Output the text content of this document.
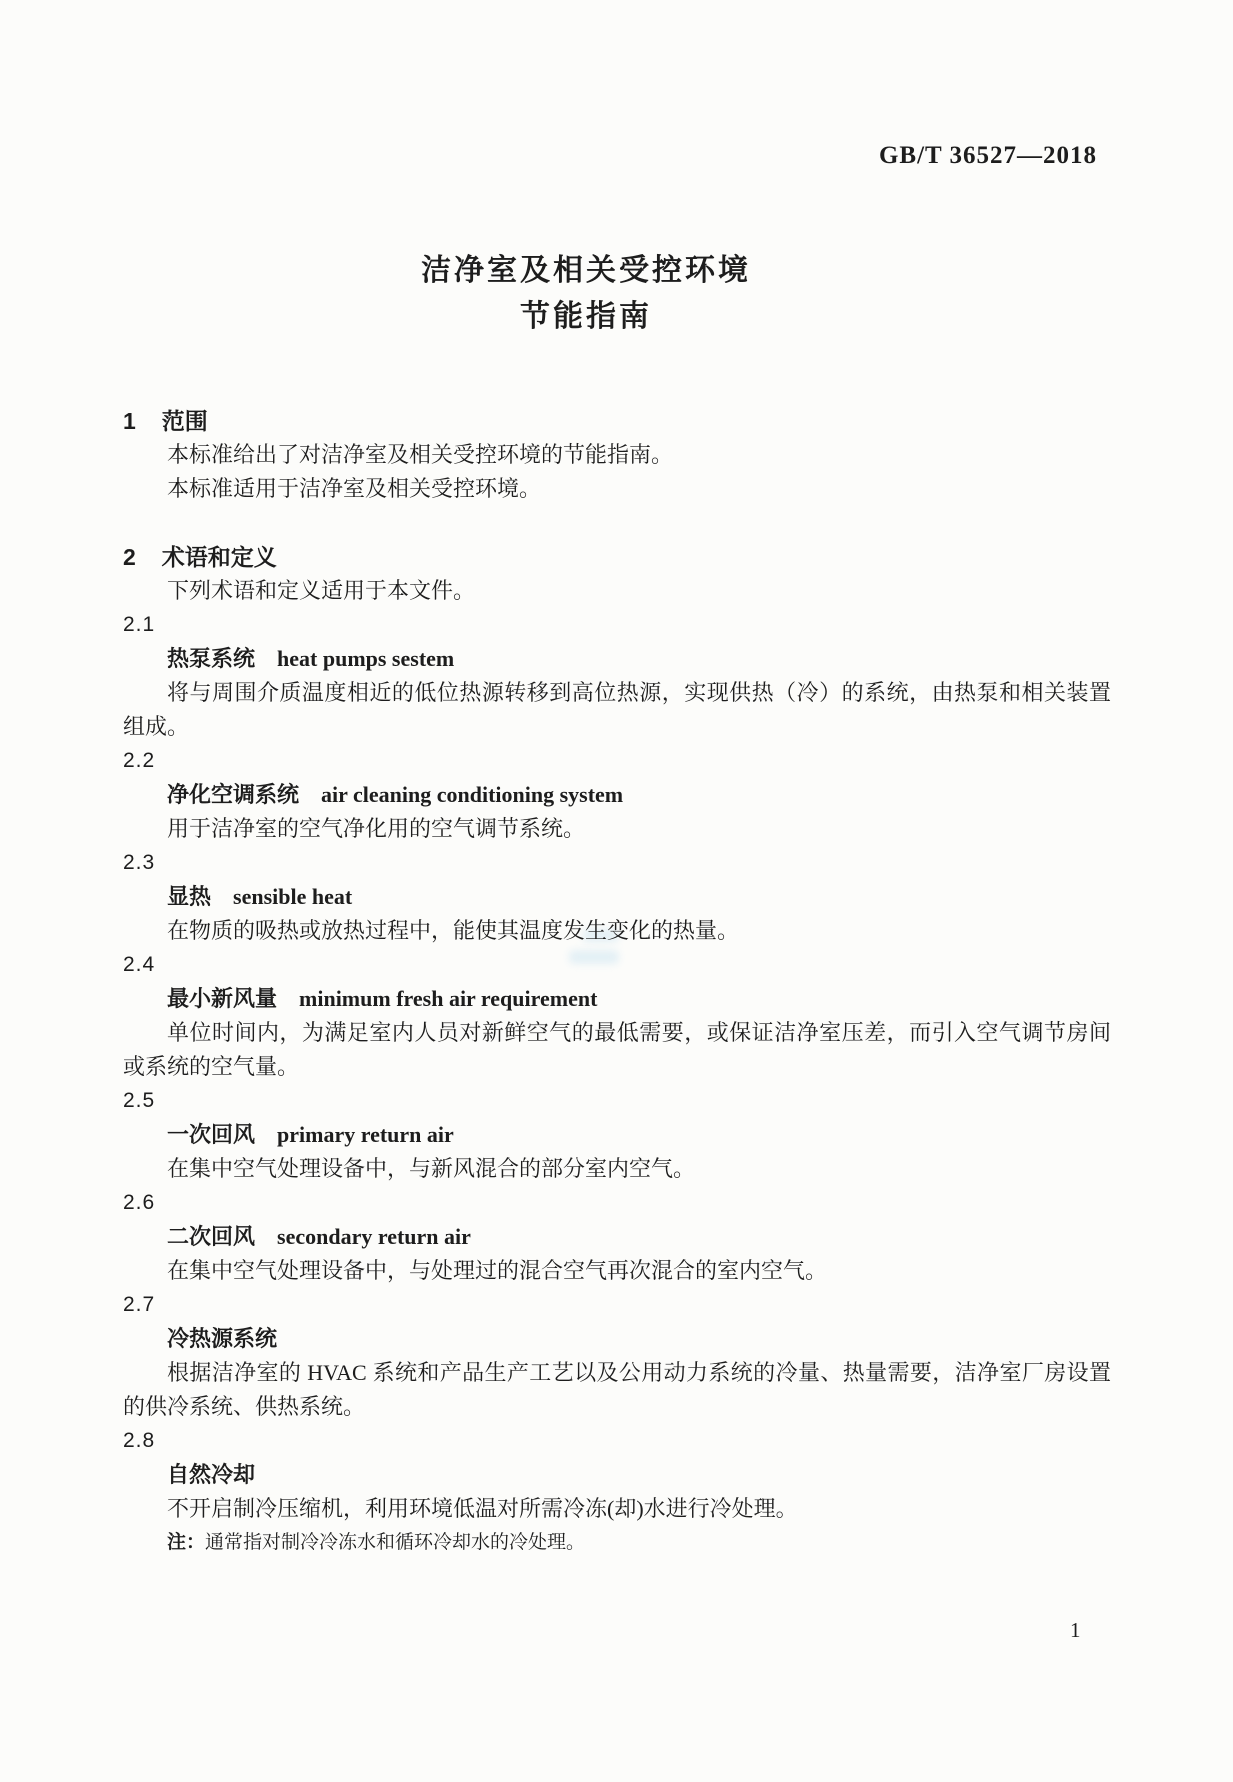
GB/T 36527—2018
洁净室及相关受控环境
节能指南
1 范围

本标准给出了对洁净室及相关受控环境的节能指南。

本标准适用于洁净室及相关受控环境。

2 术语和定义

下列术语和定义适用于本文件。

2.1

热泵系统 heat pumps sestem

将与周围介质温度相近的低位热源转移到高位热源，实现供热（冷）的系统，由热泵和相关装置组成。

2.2

净化空调系统 air cleaning conditioning system

用于洁净室的空气净化用的空气调节系统。

2.3

显热 sensible heat

在物质的吸热或放热过程中，能使其温度发生变化的热量。

2.4

最小新风量 minimum fresh air requirement

单位时间内，为满足室内人员对新鲜空气的最低需要，或保证洁净室压差，而引入空气调节房间或系统的空气量。

2.5

一次回风 primary return air

在集中空气处理设备中，与新风混合的部分室内空气。

2.6

二次回风 secondary return air

在集中空气处理设备中，与处理过的混合空气再次混合的室内空气。

2.7

冷热源系统

根据洁净室的 HVAC 系统和产品生产工艺以及公用动力系统的冷量、热量需要，洁净室厂房设置的供冷系统、供热系统。

2.8

自然冷却

不开启制冷压缩机，利用环境低温对所需冷冻(却)水进行冷处理。

注：通常指对制冷冷冻水和循环冷却水的冷处理。

1
